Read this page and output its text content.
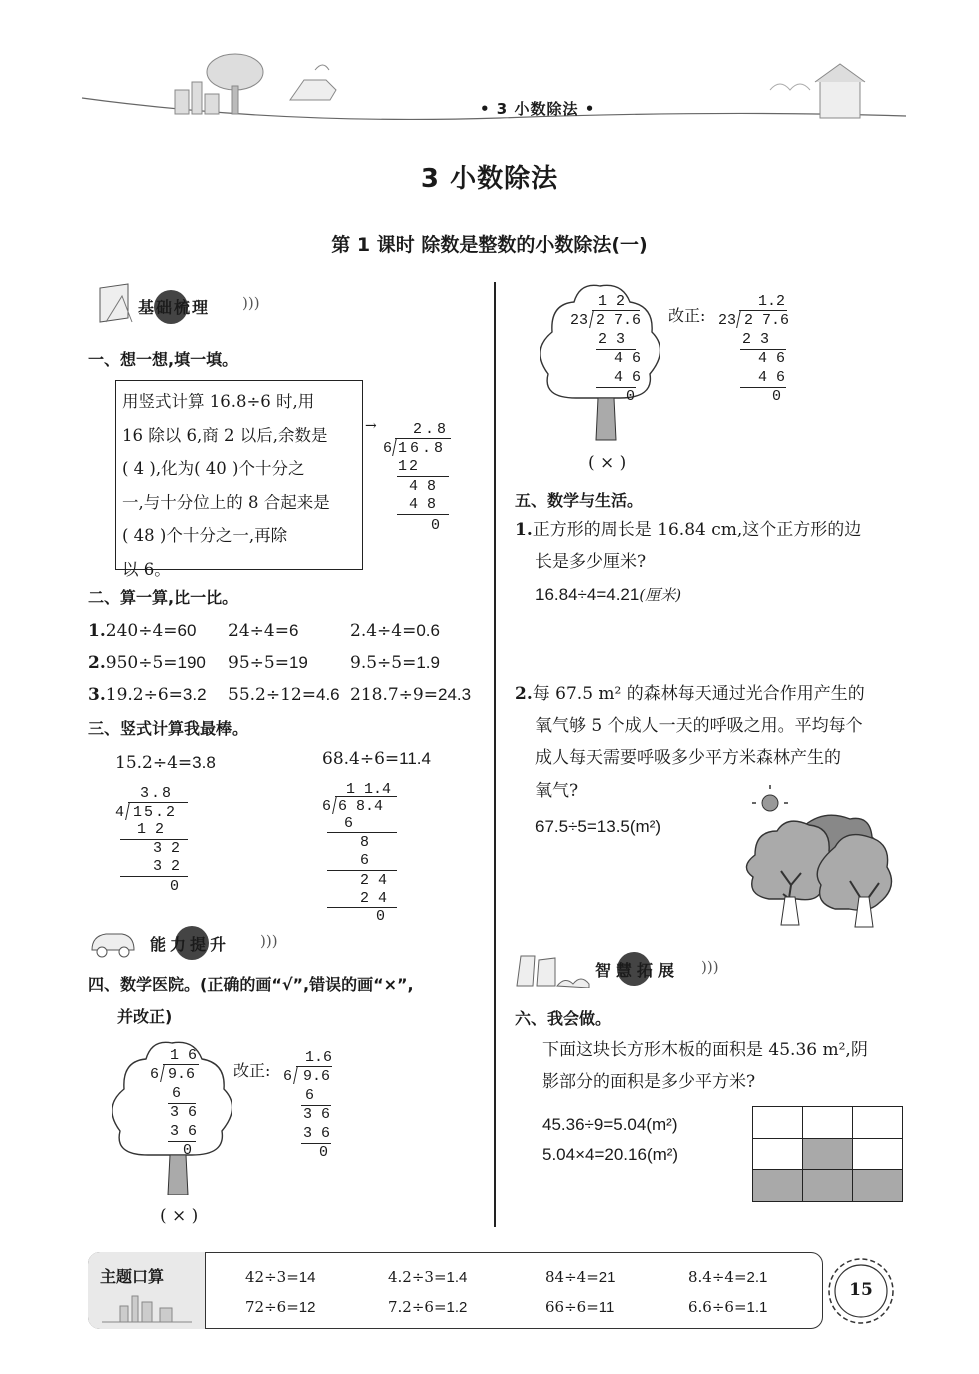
• 3 小数除法 •
3 小数除法
第 1 课时 除数是整数的小数除法(一)
基础梳理 )))
一、想一想,填一填。
用竖式计算 16.8÷6 时,用
16 除以 6,商 2 以后,余数是
( 4 ),化为( 40 )个十分之
一,与十分位上的 8 合起来是
( 48 )个十分之一,再除
以 6。
→ 2.8
6 16.8
12
4 8
4 8
0
二、算一算,比一比。
1.240÷4=60 24÷4=6	2.4÷4=0.6
2.950÷5=190 95÷5=19 9.5÷5=1.9
3.19.2÷6=3.2 55.2÷12=4.6 218.7÷9=24.3
三、竖式计算我最棒。
15.2÷4=3.8
3.8
4 15.2
1 2
3 2
3 2
0
68.4÷6=11.4
1 1.4
6 6 8.4
6
8
6
2 4
2 4
0
能力提升 )))
四、数学医院。(正确的画“√”,错误的画“×”,
并改正)
1 6
6 9.6
6
3 6
3 6
0
改正:
1.6
6 9.6
6
3 6
3 6
0
( × )
1 2
23 2 7.6
2 3
4 6
4 6
0
改正:
1.2
23 2 7.6
2 3
4 6
4 6
0
( × )
五、数学与生活。
1.正方形的周长是 16.84 cm,这个正方形的边
长是多少厘米?
16.84÷4=4.21(厘米)
2.每 67.5 m² 的森林每天通过光合作用产生的
氧气够 5 个成人一天的呼吸之用。平均每个
成人每天需要呼吸多少平方米森林产生的
氧气?
67.5÷5=13.5(m²)
智慧拓展 )))
六、我会做。
下面这块长方形木板的面积是 45.36 m²,阴
影部分的面积是多少平方米?
45.36÷9=5.04(m²)
5.04×4=20.16(m²)

主题口算	42÷3=14	4.2÷3=1.4	84÷4=21	8.4÷4=2.1
72÷6=12	7.2÷6=1.2	66÷6=11	6.6÷6=1.1
15
